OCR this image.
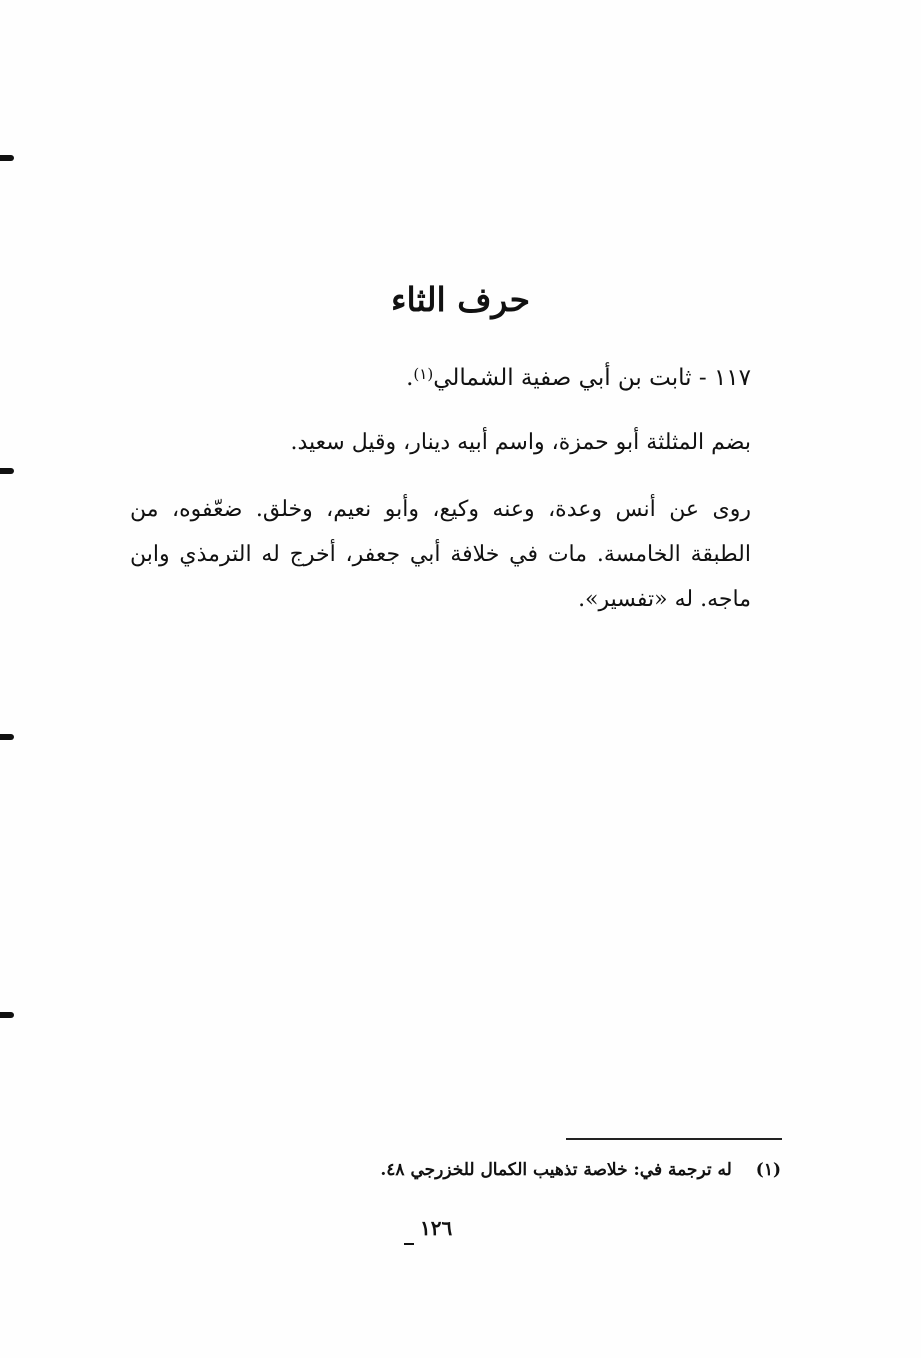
حرف الثاء

١١٧ - ثابت بن أبي صفية الشمالي$^{(١)}$.

بضم المثلثة أبو حمزة، واسم أبيه دينار، وقيل سعيد.

روى عن أنس وعدة، وعنه وكيع، وأبو نعيم، وخلق. ضعّفوه، من الطبقة الخامسة. مات في خلافة أبي جعفر، أخرج له الترمذي وابن ماجه. له «تفسير».

(١)له ترجمة في: خلاصة تذهيب الكمال للخزرجي ٤٨.

١٢٦
